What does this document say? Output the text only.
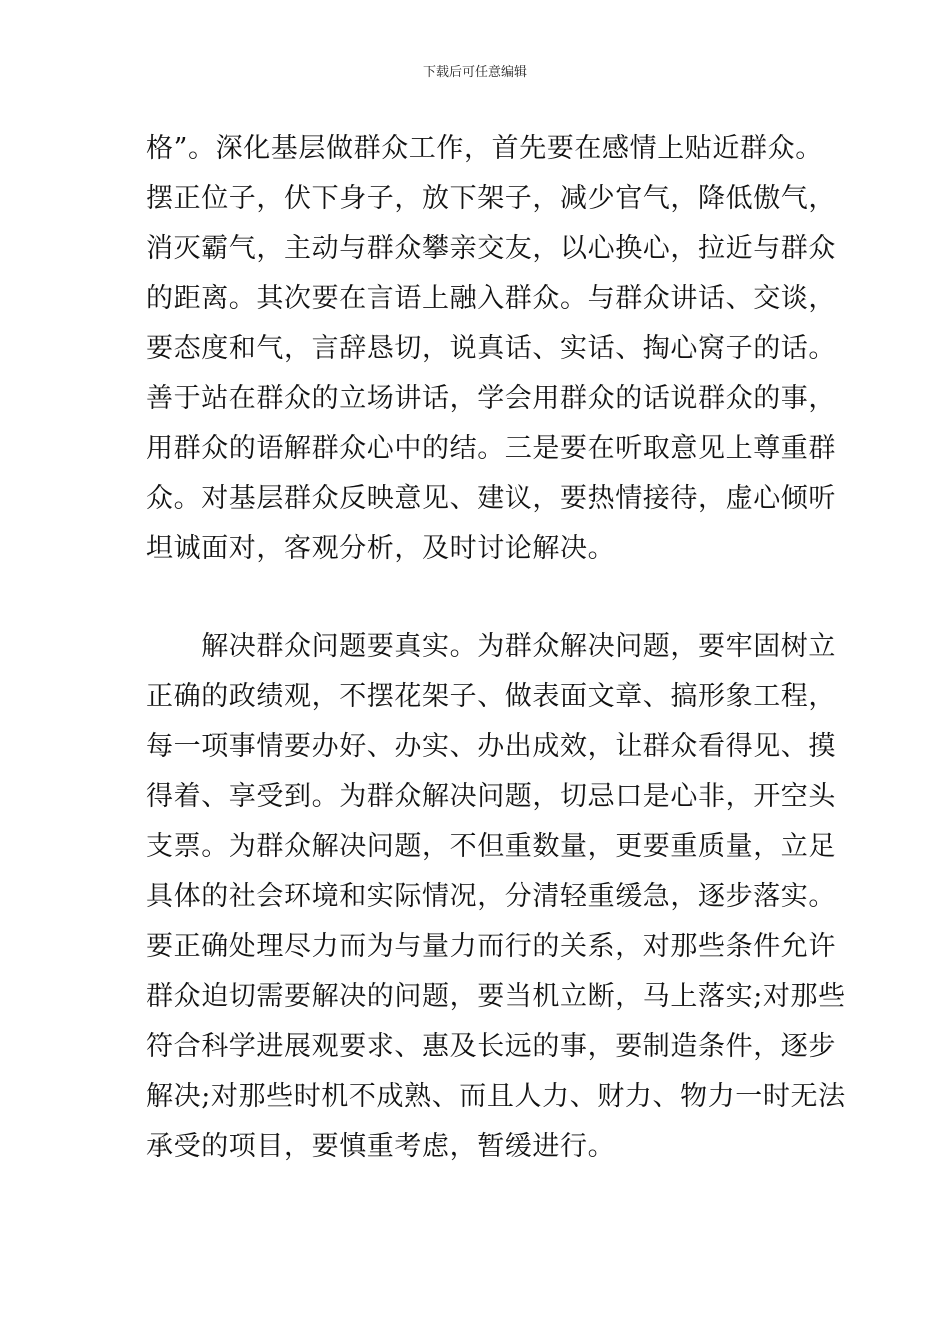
下载后可任意编辑
格”。深化基层做群众工作，首先要在感情上贴近群众。
摆正位子，伏下身子，放下架子，减少官气，降低傲气，
消灭霸气，主动与群众攀亲交友，以心换心，拉近与群众
的距离。其次要在言语上融入群众。与群众讲话、交谈，
要态度和气，言辞恳切，说真话、实话、掏心窝子的话。
善于站在群众的立场讲话，学会用群众的话说群众的事，
用群众的语解群众心中的结。三是要在听取意见上尊重群
众。对基层群众反映意见、建议，要热情接待，虚心倾听
坦诚面对，客观分析，及时讨论解决。
　　解决群众问题要真实。为群众解决问题，要牢固树立
正确的政绩观，不摆花架子、做表面文章、搞形象工程，
每一项事情要办好、办实、办出成效，让群众看得见、摸
得着、享受到。为群众解决问题，切忌口是心非，开空头
支票。为群众解决问题，不但重数量，更要重质量，立足
具体的社会环境和实际情况，分清轻重缓急，逐步落实。
要正确处理尽力而为与量力而行的关系，对那些条件允许
群众迫切需要解决的问题，要当机立断，马上落实;对那些
符合科学进展观要求、惠及长远的事，要制造条件，逐步
解决;对那些时机不成熟、而且人力、财力、物力一时无法
承受的项目，要慎重考虑，暂缓进行。
